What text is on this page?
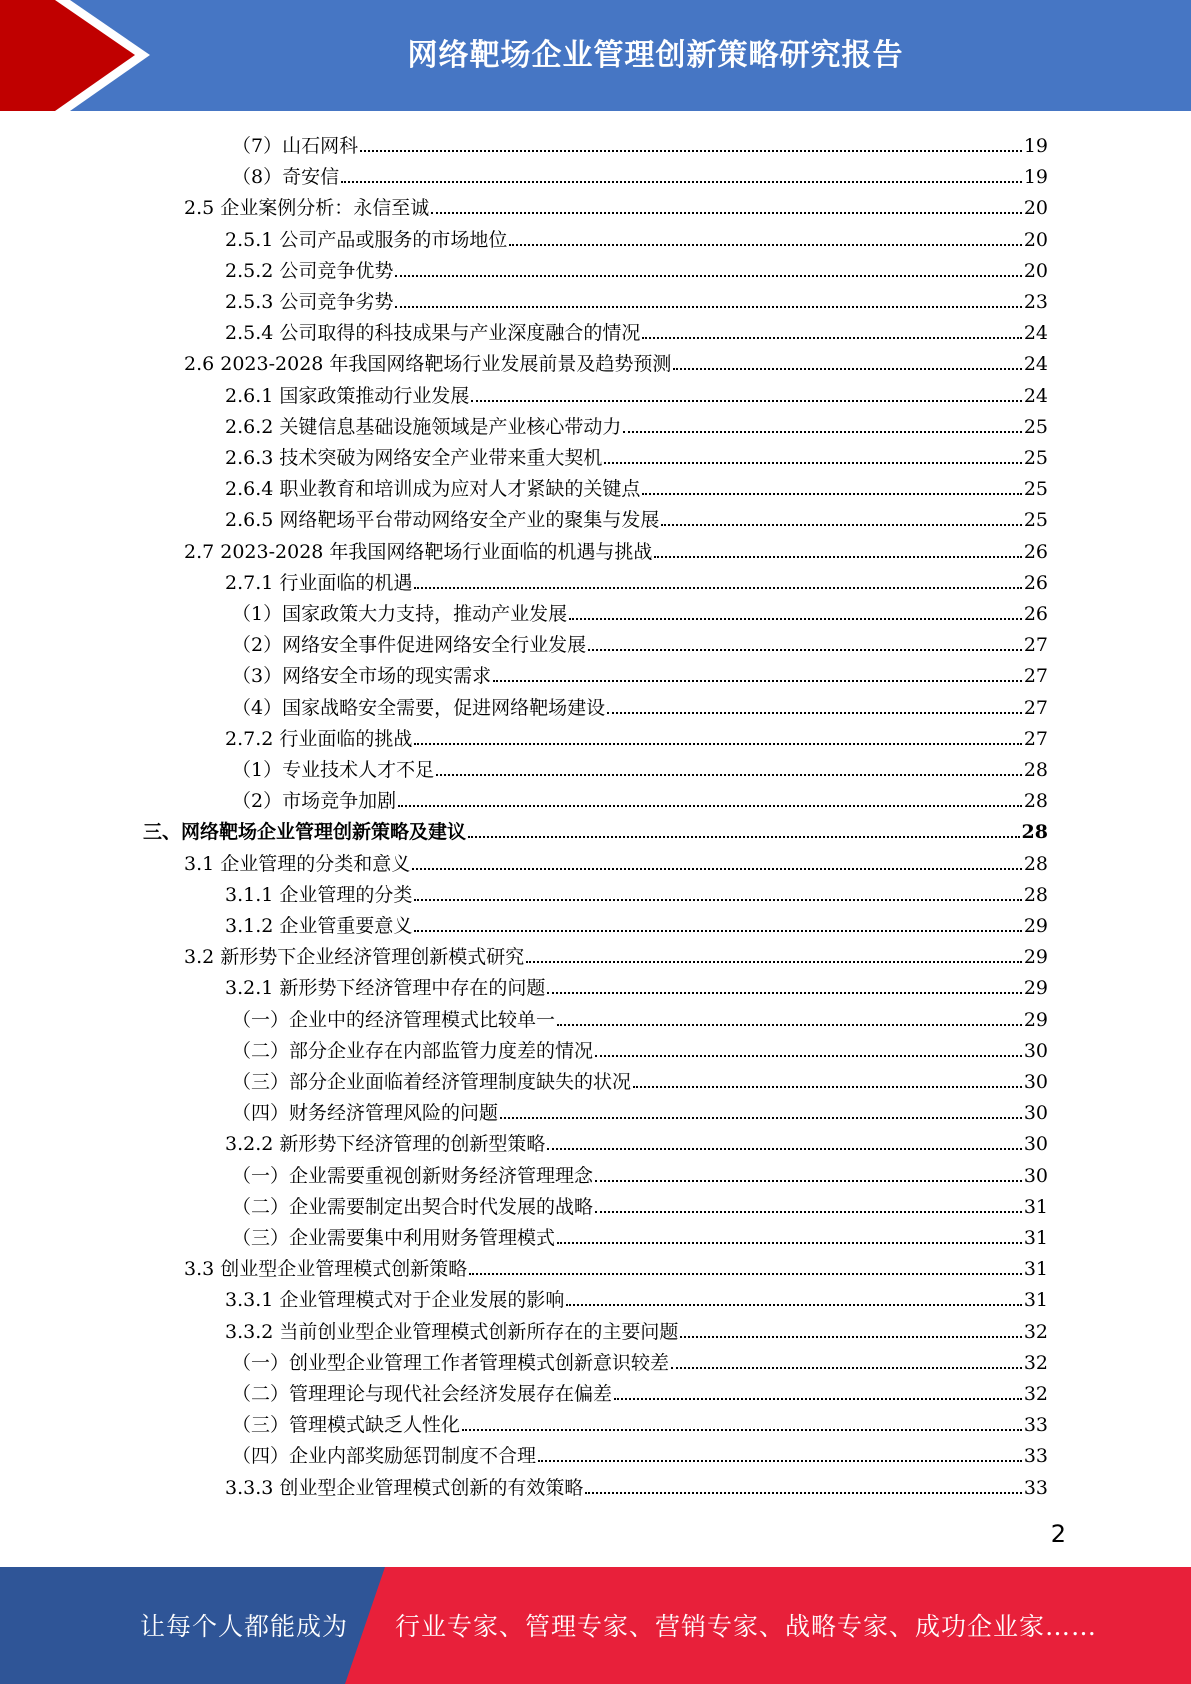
网络靶场企业管理创新策略研究报告
（7）山石网科	19
（8）奇安信	19
2.5 企业案例分析：永信至诚	20
2.5.1 公司产品或服务的市场地位	20
2.5.2 公司竞争优势	20
2.5.3 公司竞争劣势	23
2.5.4 公司取得的科技成果与产业深度融合的情况	24
2.6 2023-2028 年我国网络靶场行业发展前景及趋势预测	24
2.6.1 国家政策推动行业发展	24
2.6.2 关键信息基础设施领域是产业核心带动力	25
2.6.3 技术突破为网络安全产业带来重大契机	25
2.6.4 职业教育和培训成为应对人才紧缺的关键点	25
2.6.5 网络靶场平台带动网络安全产业的聚集与发展	25
2.7 2023-2028 年我国网络靶场行业面临的机遇与挑战	26
2.7.1 行业面临的机遇	26
（1）国家政策大力支持，推动产业发展	26
（2）网络安全事件促进网络安全行业发展	27
（3）网络安全市场的现实需求	27
（4）国家战略安全需要，促进网络靶场建设	27
2.7.2 行业面临的挑战	27
（1）专业技术人才不足	28
（2）市场竞争加剧	28
三、网络靶场企业管理创新策略及建议	28
3.1 企业管理的分类和意义	28
3.1.1 企业管理的分类	28
3.1.2 企业管重要意义	29
3.2 新形势下企业经济管理创新模式研究	29
3.2.1 新形势下经济管理中存在的问题	29
（一）企业中的经济管理模式比较单一	29
（二）部分企业存在内部监管力度差的情况	30
（三）部分企业面临着经济管理制度缺失的状况	30
（四）财务经济管理风险的问题	30
3.2.2 新形势下经济管理的创新型策略	30
（一）企业需要重视创新财务经济管理理念	30
（二）企业需要制定出契合时代发展的战略	31
（三）企业需要集中利用财务管理模式	31
3.3 创业型企业管理模式创新策略	31
3.3.1 企业管理模式对于企业发展的影响	31
3.3.2 当前创业型企业管理模式创新所存在的主要问题	32
（一）创业型企业管理工作者管理模式创新意识较差	32
（二）管理理论与现代社会经济发展存在偏差	32
（三）管理模式缺乏人性化	33
（四）企业内部奖励惩罚制度不合理	33
3.3.3 创业型企业管理模式创新的有效策略	33
2
让每个人都能成为 行业专家、管理专家、营销专家、战略专家、成功企业家……
